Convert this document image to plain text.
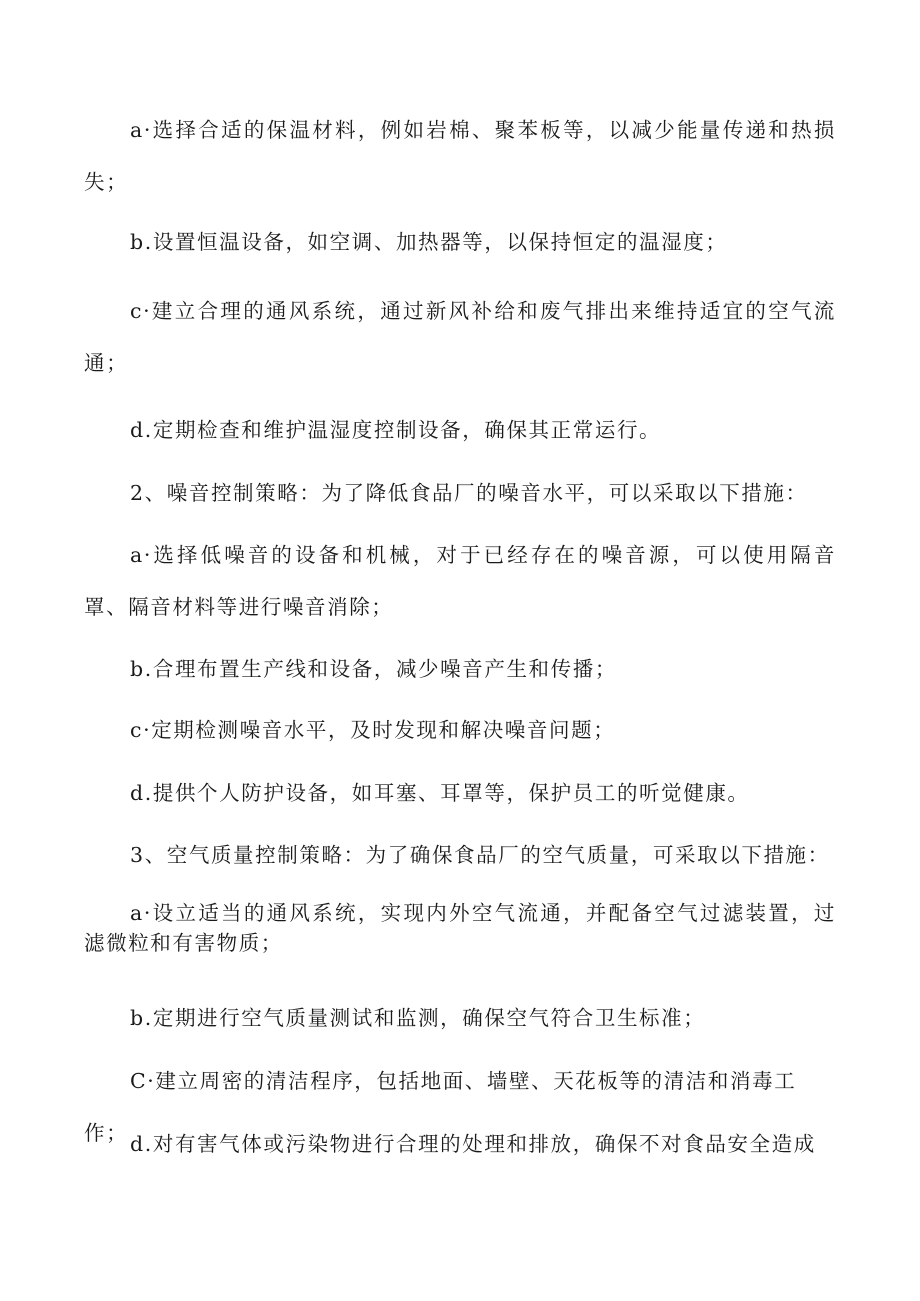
a·选择合适的保温材料，例如岩棉、聚苯板等，以减少能量传递和热损失；

b.设置恒温设备，如空调、加热器等，以保持恒定的温湿度；

c·建立合理的通风系统，通过新风补给和废气排出来维持适宜的空气流通；

d.定期检查和维护温湿度控制设备，确保其正常运行。

2、噪音控制策略：为了降低食品厂的噪音水平，可以采取以下措施：

a·选择低噪音的设备和机械，对于已经存在的噪音源，可以使用隔音罩、隔音材料等进行噪音消除；

b.合理布置生产线和设备，减少噪音产生和传播；

c·定期检测噪音水平，及时发现和解决噪音问题；

d.提供个人防护设备，如耳塞、耳罩等，保护员工的听觉健康。

3、空气质量控制策略：为了确保食品厂的空气质量，可采取以下措施：

a·设立适当的通风系统，实现内外空气流通，并配备空气过滤装置，过滤微粒和有害物质；

b.定期进行空气质量测试和监测，确保空气符合卫生标准；

C·建立周密的清洁程序，包括地面、墙壁、天花板等的清洁和消毒工作； d.对有害气体或污染物进行合理的处理和排放，确保不对食品安全造成
